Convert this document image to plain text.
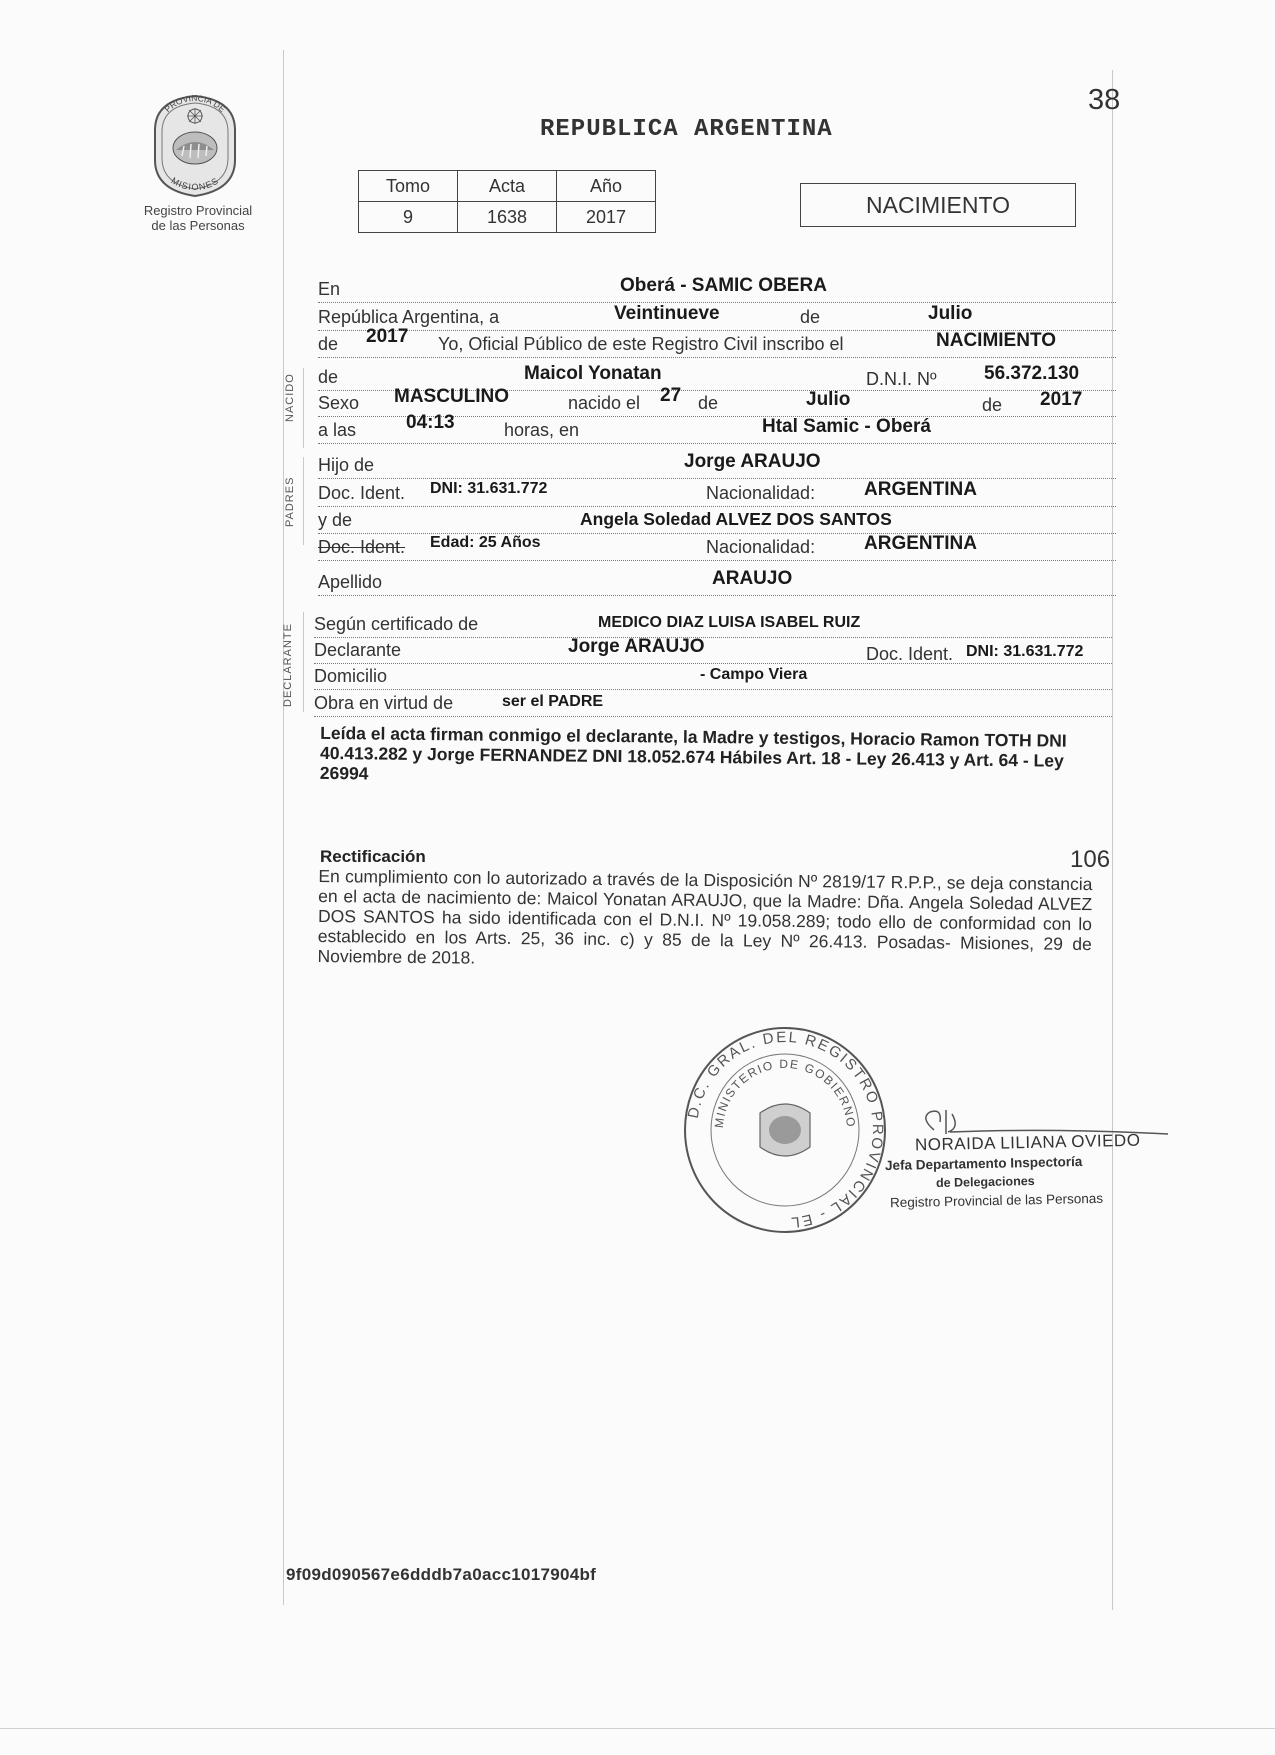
PROVINCIA DE
MISIONES
Registro Provincial
de las Personas
38
REPUBLICA ARGENTINA
Tomo	Acta	Año
9	1638	2017	NACIMIENTO
NACIDO
PADRES
DECLARANTE
En	Oberá - SAMIC OBERA
República Argentina, a	Veintinueve	de	Julio
de 2017 Yo, Oficial Público de este Registro Civil inscribo el	NACIMIENTO
de	Maicol Yonatan	D.N.I. Nº 56.372.130
Sexo MASCULINO	nacido el 27 de	Julio	de 2017
a las	04:13	horas, en	Htal Samic - Oberá
Hijo de	Jorge ARAUJO
Doc. Ident. DNI: 31.631.772	Nacionalidad:	ARGENTINA
y de	Angela Soledad ALVEZ DOS SANTOS
Doc. Ident. Edad: 25 Años	Nacionalidad:	ARGENTINA
Apellido	ARAUJO
Según certificado de	MEDICO DIAZ LUISA ISABEL RUIZ
Declarante	Jorge ARAUJO	Doc. Ident. DNI: 31.631.772
Domicilio	- Campo Viera
Obra en virtud de	ser el PADRE
Leída el acta firman conmigo el declarante, la Madre y testigos, Horacio Ramon TOTH DNI 40.413.282 y Jorge FERNANDEZ DNI 18.052.674 Hábiles Art. 18 - Ley 26.413 y Art. 64 - Ley 26994
Rectificación	106
En cumplimiento con lo autorizado a través de la Disposición Nº 2819/17 R.P.P., se deja constancia en el acta de nacimiento de: Maicol Yonatan ARAUJO, que la Madre: Dña. Angela Soledad ALVEZ DOS SANTOS ha sido identificada con el D.N.I. Nº 19.058.289; todo ello de conformidad con lo establecido en los Arts. 25, 36 inc. c) y 85 de la Ley Nº 26.413. Posadas- Misiones, 29 de Noviembre de 2018.
D.C. GRAL. DEL REGISTRO PROVINCIAL - EL
MINISTERIO DE GOBIERNO
NORAIDA LILIANA OVIEDO
Jefa Departamento Inspectoría
de Delegaciones
Registro Provincial de las Personas
9f09d090567e6dddb7a0acc1017904bf
